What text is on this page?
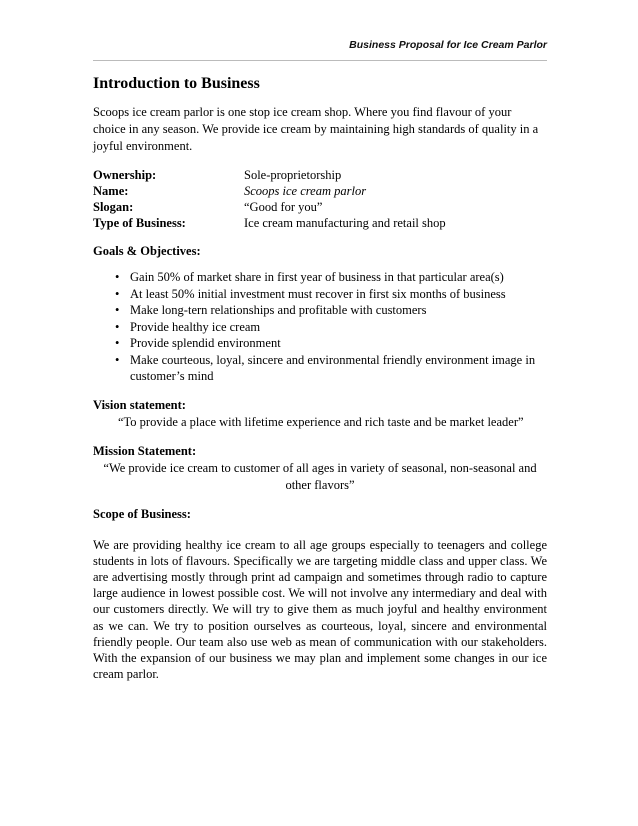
Business Proposal for Ice Cream Parlor
Introduction to Business

Scoops ice cream parlor is one stop ice cream shop. Where you find flavour of your choice in any season. We provide ice cream by maintaining high standards of quality in a joyful environment.

Ownership:	Sole-proprietorship
Name:	Scoops ice cream parlor
Slogan:	“Good for you”
Type of Business:	Ice cream manufacturing and retail shop

Goals & Objectives:

• Gain 50% of market share in first year of business in that particular area(s)
• At least 50% initial investment must recover in first six months of business
• Make long-tern relationships and profitable with customers
• Provide healthy ice cream
• Provide splendid environment
• Make courteous, loyal, sincere and environmental friendly environment image in customer’s mind

Vision statement:

“To provide a place with lifetime experience and rich taste and be market leader”

Mission Statement:

“We provide ice cream to customer of all ages in variety of seasonal, non-seasonal and other flavors”

Scope of Business:

We are providing healthy ice cream to all age groups especially to teenagers and college students in lots of flavours. Specifically we are targeting middle class and upper class. We are advertising mostly through print ad campaign and sometimes through radio to capture large audience in lowest possible cost. We will not involve any intermediary and deal with our customers directly. We will try to give them as much joyful and healthy environment as we can. We try to position ourselves as courteous, loyal, sincere and environmental friendly people. Our team also use web as mean of communication with our stakeholders. With the expansion of our business we may plan and implement some changes in our ice cream parlor.
